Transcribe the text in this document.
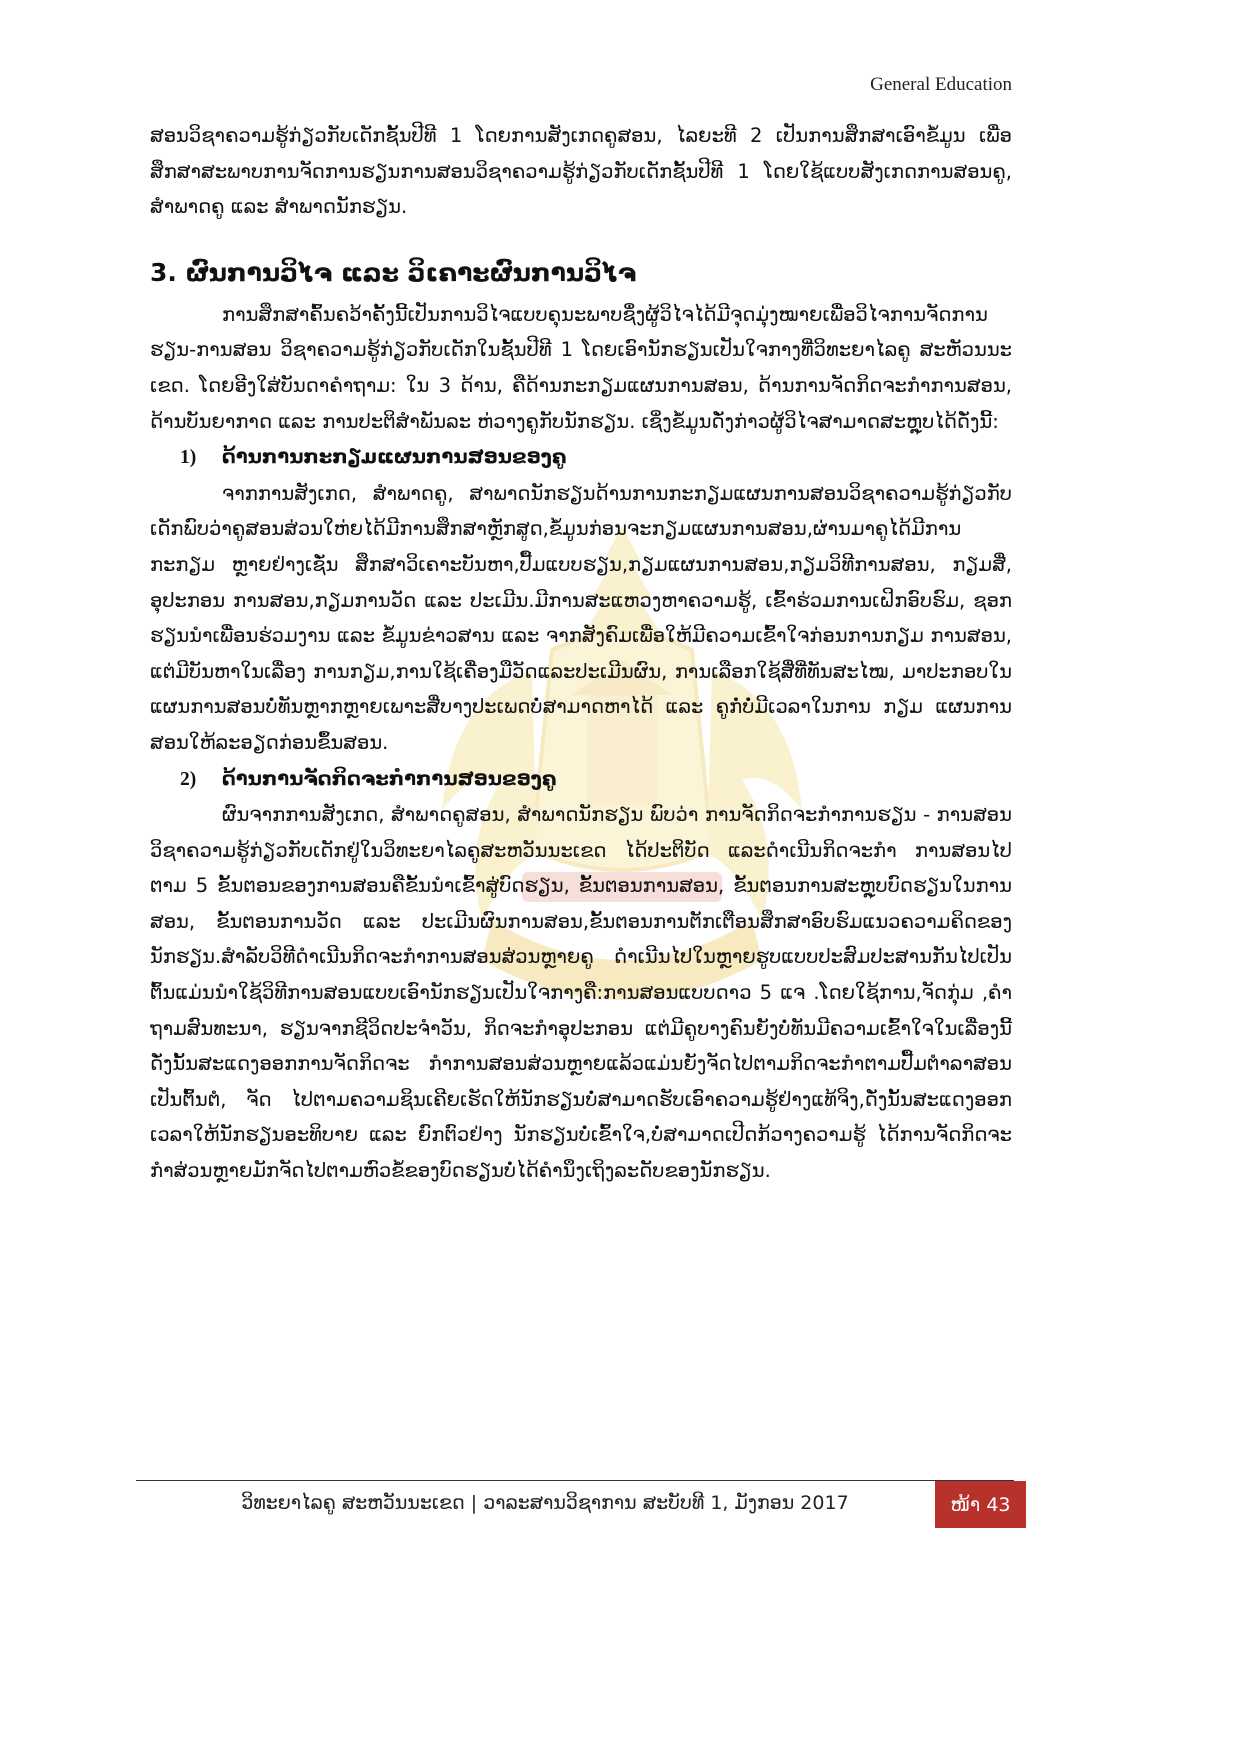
General Education

ສອນວິຊາຄວາມຮູ້ກ່ຽວກັບເດັກຊັ້ນປີທີ 1 ໂດຍການສັງເກດຄູສອນ, ໄລຍະທີ 2 ເປັນການສຶກສາເອົາຂໍ້ມູນ ເພື່ອສຶກສາສະພາບການຈັດການຮຽນການສອນວິຊາຄວາມຮູ້ກ່ຽວກັບເດັກຊັ້ນປີທີ 1 ໂດຍໃຊ້ແບບສັງເກດການສອນຄູ, ສໍາພາດຄູ ແລະ ສໍາພາດນັກຮຽນ.

3. ຜົນການວິໄຈ ແລະ ວິເຄາະຜົນການວິໄຈ

ການສຶກສາຄົ້ນຄວ້າຄັ້ງນີ້ເປັນການວິໄຈແບບຄຸນະພາບຊຶ່ງຜູ້ວິໄຈໄດ້ມີຈຸດມຸ່ງໝາຍເພື່ອວິໄຈການຈັດການ ຮຽນ-ການສອນ ວິຊາຄວາມຮູ້ກ່ຽວກັບເດັກໃນຊັ້ນປີທີ 1 ໂດຍເອົານັກຮຽນເປັນໃຈກາງທີ່ວິທະຍາໄລຄູ ສະຫັວນນະ ເຂດ. ໂດຍອີງໃສ່ບັນດາຄໍາຖາມ: ໃນ 3 ດ້ານ, ຄືດ້ານກະກຽມແຜນການສອນ, ດ້ານການຈັດກິດຈະກໍາການສອນ, ດ້ານບັນຍາກາດ ແລະ ການປະຕິສໍາພັນລະ ຫ່ວາງຄູກັບນັກຮຽນ. ເຊິ່ງຂໍ້ມູນດັ່ງກ່າວຜູ້ວິໄຈສາມາດສະຫຼຸບໄດ້ດັ່ງນີ້:

1) ດ້ານການກະກຽມແຜນການສອນຂອງຄູ

ຈາກການສັງເກດ, ສໍາພາດຄູ, ສາພາດນັກຮຽນດ້ານການກະກຽມແຜນການສອນວິຊາຄວາມຮູ້ກ່ຽວກັບ ເດັກພົບວ່າຄູສອນສ່ວນໃຫ່ຍໄດ້ມີການສຶກສາຫຼັກສູດ,ຂໍ້ມູນກ່ອນຈະກຽມແຜນການສອນ,ຜ່ານມາຄູໄດ້ມີການກະກຽມ ຫຼາຍຢ່າງເຊັ່ນ ສຶກສາວິເຄາະບັນຫາ,ປື້ມແບບຮຽນ,ກຽມແຜນການສອນ,ກຽມວິທີການສອນ, ກຽມສື່, ອຸປະກອນ ການສອນ,ກຽມການວັດ ແລະ ປະເມີນ.ມີການສະແຫວງຫາຄວາມຮູ້, ເຂົ້າຮ່ວມການເຝິກອົບຮົມ, ຊອກ ຮຽນນໍາເພື່ອນຮ່ວມງານ ແລະ ຂໍ້ມູນຂ່າວສານ ແລະ ຈາກສັງຄົມເພື່ອໃຫ້ມີຄວາມເຂົ້າໃຈກ່ອນການກຽມ ການສອນ, ແຕ່ມີບັນຫາໃນເລື່ອງ ການກຽມ,ການໃຊ້ເຄື່ອງມືວັດແລະປະເມີນຜົນ, ການເລືອກໃຊ້ສື່ທີ່ທັນສະໄໝ, ມາປະກອບໃນແຜນການສອນບໍ່ທັນຫຼາກຫຼາຍເພາະສື່ບາງປະເພດບໍ່ສາມາດຫາໄດ້ ແລະ ຄູກໍ່ບໍ່ມີເວລາໃນການ ກຽມ ແຜນການສອນໃຫ້ລະອຽດກ່ອນຂຶ້ນສອນ.

2) ດ້ານການຈັດກິດຈະກໍາການສອນຂອງຄູ

ຜົນຈາກການສັງເກດ, ສໍາພາດຄູສອນ, ສໍາພາດນັກຮຽນ ພົບວ່າ ການຈັດກິດຈະກໍາການຮຽນ - ການສອນ ວິຊາຄວາມຮູ້ກ່ຽວກັບເດັກຢູ່ໃນວິທະຍາໄລຄູສະຫວັນນະເຂດ ໄດ້ປະຕິບັດ ແລະດໍາເນີນກິດຈະກໍາ ການສອນໄປຕາມ 5 ຂັ້ນຕອນຂອງການສອນຄືຂັ້ນນໍາເຂົ້າສູ່ບົດຮຽນ, ຂັ້ນຕອນການສອນ, ຂັ້ນຕອນການສະຫຼຸບບົດຮຽນໃນການສອນ, ຂັ້ນຕອນການວັດ ແລະ ປະເມີນຜົນການສອນ,ຂັ້ນຕອນການຕັກເຕືອນສຶກສາອົບຮົມແນວຄວາມຄິດຂອງນັກຮຽນ.ສໍາລັບວິທີດໍາເນີນກິດຈະກໍາການສອນສ່ວນຫຼາຍຄູ ດໍາເນີນໄປໃນຫຼາຍຮູບແບບປະສົມປະສານກັນໄປເປັນຕົ້ນແມ່ນນໍາໃຊ້ວິທີການສອນແບບເອົານັກຮຽນເປັນໃຈກາງຄື:ການສອນແບບດາວ 5 ແຈ .ໂດຍໃຊ້ການ,ຈັດກຸ່ມ ,ຄໍາຖາມສົນທະນາ, ຮຽນຈາກຊີວິດປະຈໍາວັນ, ກິດຈະກໍາອຸປະກອນ ແຕ່ມີຄູບາງຄົນຍັງບໍ່ທັນມີຄວາມເຂົ້າໃຈໃນເລື່ອງນີ້ດັ່ງນັ້ນສະແດງອອກການຈັດກິດຈະ ກໍາການສອນສ່ວນຫຼາຍແລ້ວແມ່ນຍັງຈັດໄປຕາມກິດຈະກໍາຕາມປື້ມຕໍາລາສອນເປັນຕົ້ນຕໍ, ຈັດ ໄປຕາມຄວາມຊິນເຄີຍເຮັດໃຫ້ນັກຮຽນບໍ່ສາມາດຮັບເອົາຄວາມຮູ້ຢ່າງແທ້ຈິງ,ດັ່ງນັ້ນສະແດງອອກເວລາໃຫ້ນັກຮຽນອະທິບາຍ ແລະ ຍົກຕົວຢ່າງ ນັກຮຽນບໍ່ເຂົ້າໃຈ,ບໍ່ສາມາດເປີດກ້ວາງຄວາມຮູ້ ໄດ້ການຈັດກິດຈະກໍາສ່ວນຫຼາຍມັກຈັດໄປຕາມຫົວຂໍ້ຂອງບົດຮຽນບໍ່ໄດ້ຄໍານຶງເຖິງລະດັບຂອງນັກຮຽນ.

ວິທະຍາໄລຄູ ສະຫວັນນະເຂດ | ວາລະສານວິຊາການ ສະບັບທີ 1, ມັງກອນ 2017	ໜ້າ 43
